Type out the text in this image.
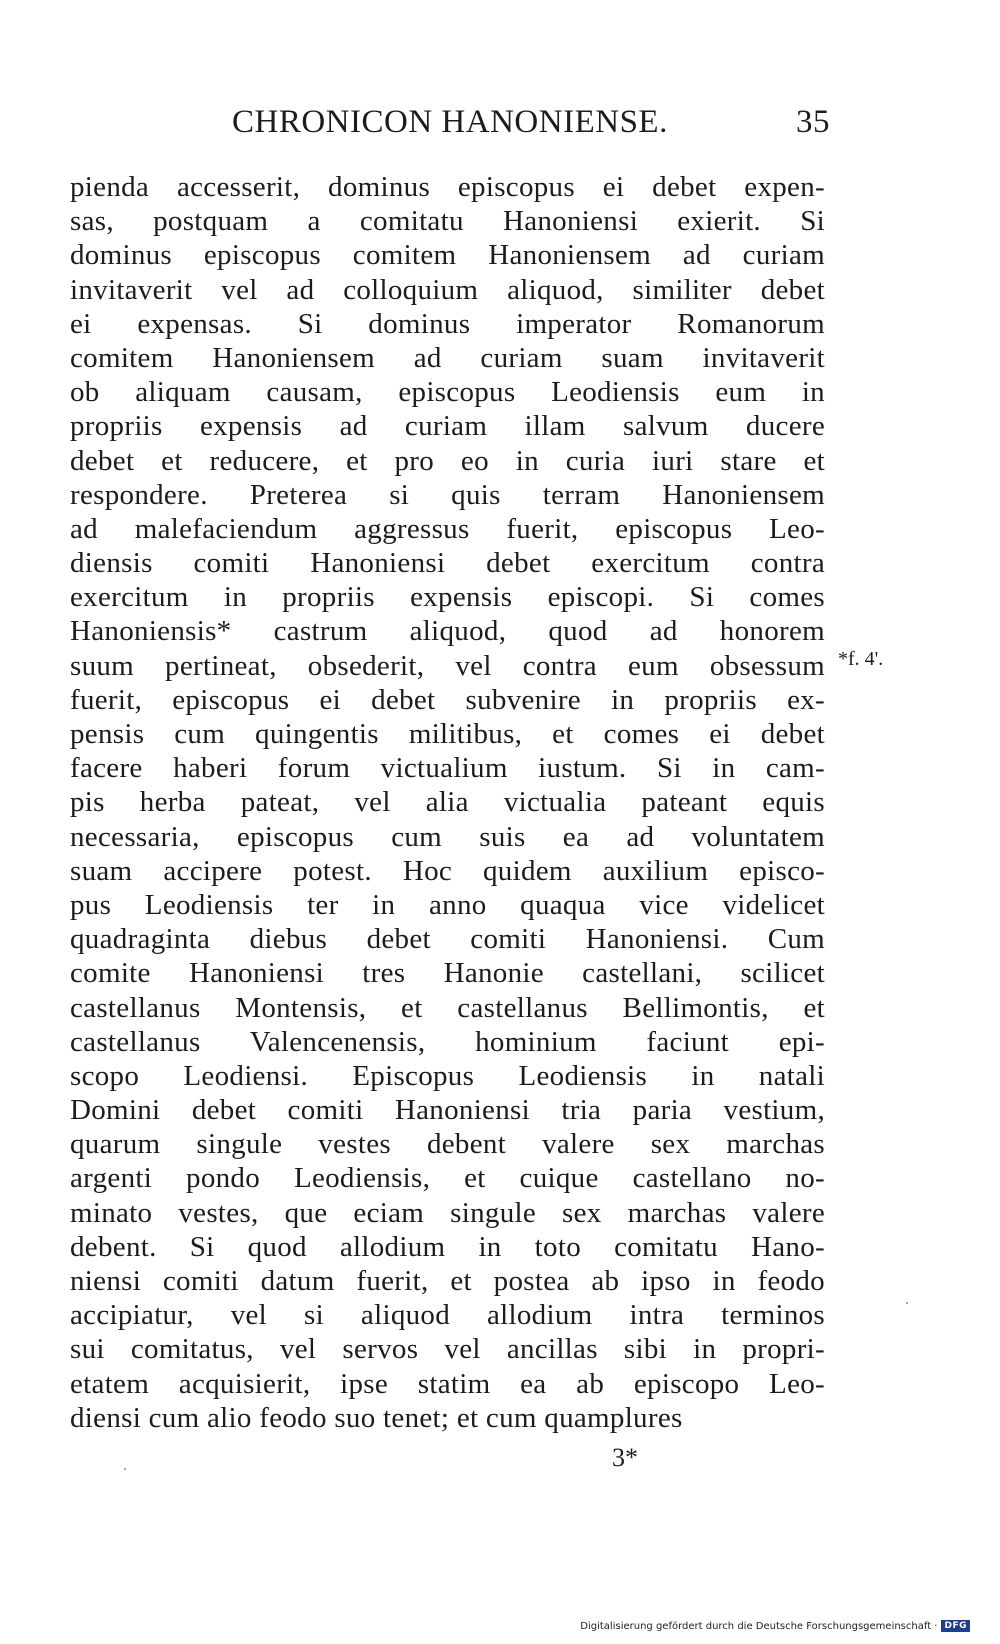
CHRONICON HANONIENSE.	35
pienda accesserit, dominus episcopus ei debet expen-
sas, postquam a comitatu Hanoniensi exierit. Si
dominus episcopus comitem Hanoniensem ad curiam
invitaverit vel ad colloquium aliquod, similiter debet
ei expensas. Si dominus imperator Romanorum
comitem Hanoniensem ad curiam suam invitaverit
ob aliquam causam, episcopus Leodiensis eum in
propriis expensis ad curiam illam salvum ducere
debet et reducere, et pro eo in curia iuri stare et
respondere. Preterea si quis terram Hanoniensem
ad malefaciendum aggressus fuerit, episcopus Leo-
diensis comiti Hanoniensi debet exercitum contra
exercitum in propriis expensis episcopi. Si comes
Hanoniensis* castrum aliquod, quod ad honorem
suum pertineat, obsederit, vel contra eum obsessum
fuerit, episcopus ei debet subvenire in propriis ex-
pensis cum quingentis militibus, et comes ei debet
facere haberi forum victualium iustum. Si in cam-
pis herba pateat, vel alia victualia pateant equis
necessaria, episcopus cum suis ea ad voluntatem
suam accipere potest. Hoc quidem auxilium episco-
pus Leodiensis ter in anno quaqua vice videlicet
quadraginta diebus debet comiti Hanoniensi. Cum
comite Hanoniensi tres Hanonie castellani, scilicet
castellanus Montensis, et castellanus Bellimontis, et
castellanus Valencenensis, hominium faciunt epi-
scopo Leodiensi. Episcopus Leodiensis in natali
Domini debet comiti Hanoniensi tria paria vestium,
quarum singule vestes debent valere sex marchas
argenti pondo Leodiensis, et cuique castellano no-
minato vestes, que eciam singule sex marchas valere
debent. Si quod allodium in toto comitatu Hano-
niensi comiti datum fuerit, et postea ab ipso in feodo
accipiatur, vel si aliquod allodium intra terminos
sui comitatus, vel servos vel ancillas sibi in propri-
etatem acquisierit, ipse statim ea ab episcopo Leo-
diensi cum alio feodo suo tenet; et cum quamplures
*f. 4'.
3*
Digitalisierung gefördert durch die Deutsche Forschungsgemeinschaft · DFG
